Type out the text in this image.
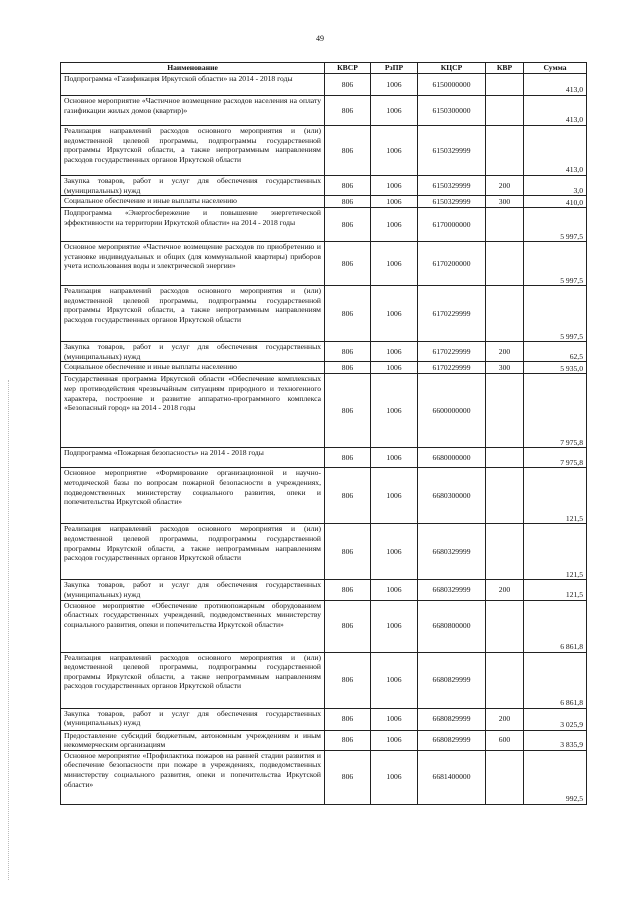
49
Наименование	КВСР	РзПР	КЦСР	КВР	Сумма
Подпрограмма «Газификация Иркутской области» на 2014 - 2018 годы	806	1006	6150000000		413,0
Основное мероприятие «Частичное возмещение расходов населения на оплату газификации жилых домов (квартир)»	806	1006	6150300000		413,0
Реализация направлений расходов основного мероприятия и (или) ведомственной целевой программы, подпрограммы государственной программы Иркутской области, а также непрограммным направлениям расходов государственных органов Иркутской области	806	1006	6150329999		413,0
Закупка товаров, работ и услуг для обеспечения государственных (муниципальных) нужд	806	1006	6150329999	200	3,0
Социальное обеспечение и иные выплаты населению	806	1006	6150329999	300	410,0
Подпрограмма «Энергосбережение и повышение энергетической эффективности на территории Иркутской области» на 2014 - 2018 годы	806	1006	6170000000		5 997,5
Основное мероприятие «Частичное возмещение расходов по приобретению и установке индивидуальных и общих (для коммунальной квартиры) приборов учета использования воды и электрической энергии»	806	1006	6170200000		5 997,5
Реализация направлений расходов основного мероприятия и (или) ведомственной целевой программы, подпрограммы государственной программы Иркутской области, а также непрограммным направлениям расходов государственных органов Иркутской области	806	1006	6170229999		5 997,5
Закупка товаров, работ и услуг для обеспечения государственных (муниципальных) нужд	806	1006	6170229999	200	62,5
Социальное обеспечение и иные выплаты населению	806	1006	6170229999	300	5 935,0
Государственная программа Иркутской области «Обеспечение комплексных мер противодействия чрезвычайным ситуациям природного и техногенного характера, построение и развитие аппаратно-программного комплекса «Безопасный город» на 2014 - 2018 годы	806	1006	6600000000		7 975,8
Подпрограмма «Пожарная безопасность» на 2014 - 2018 годы	806	1006	6680000000		7 975,8
Основное мероприятие «Формирование организационной и научно-методической базы по вопросам пожарной безопасности в учреждениях, подведомственных министерству социального развития, опеки и попечительства Иркутской области»	806	1006	6680300000		121,5
Реализация направлений расходов основного мероприятия и (или) ведомственной целевой программы, подпрограммы государственной программы Иркутской области, а также непрограммным направлениям расходов государственных органов Иркутской области	806	1006	6680329999		121,5
Закупка товаров, работ и услуг для обеспечения государственных (муниципальных) нужд	806	1006	6680329999	200	121,5
Основное мероприятие «Обеспечение противопожарным оборудованием областных государственных учреждений, подведомственных министерству социального развития, опеки и попечительства Иркутской области»	806	1006	6680800000		6 861,8
Реализация направлений расходов основного мероприятия и (или) ведомственной целевой программы, подпрограммы государственной программы Иркутской области, а также непрограммным направлениям расходов государственных органов Иркутской области	806	1006	6680829999		6 861,8
Закупка товаров, работ и услуг для обеспечения государственных (муниципальных) нужд	806	1006	6680829999	200	3 025,9
Предоставление субсидий бюджетным, автономным учреждениям и иным некоммерческим организациям	806	1006	6680829999	600	3 835,9
Основное мероприятие «Профилактика пожаров на ранней стадии развития и обеспечение безопасности при пожаре в учреждениях, подведомственных министерству социального развития, опеки и попечительства Иркутской области»	806	1006	6681400000		992,5
